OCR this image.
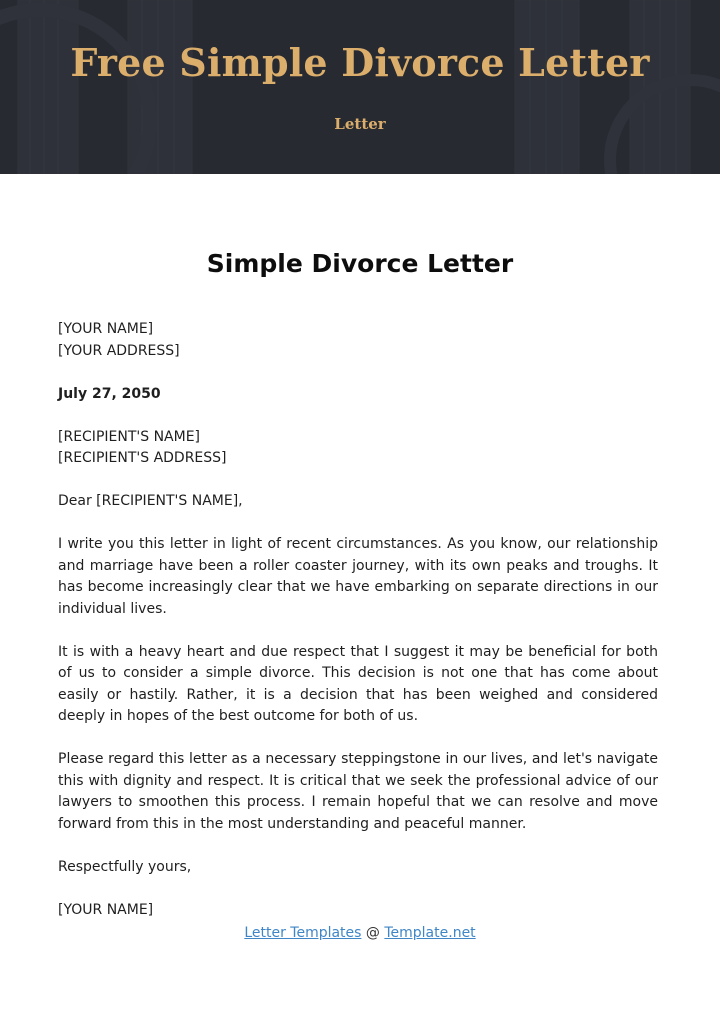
Free Simple Divorce Letter
Letter
Simple Divorce Letter

[YOUR NAME]

[YOUR ADDRESS]

July 27, 2050

[RECIPIENT'S NAME]

[RECIPIENT'S ADDRESS]

Dear [RECIPIENT'S NAME],

I write you this letter in light of recent circumstances. As you know, our relationship and marriage have been a roller coaster journey, with its own peaks and troughs. It has become increasingly clear that we have embarking on separate directions in our individual lives.

It is with a heavy heart and due respect that I suggest it may be beneficial for both of us to consider a simple divorce. This decision is not one that has come about easily or hastily. Rather, it is a decision that has been weighed and considered deeply in hopes of the best outcome for both of us.

Please regard this letter as a necessary steppingstone in our lives, and let's navigate this with dignity and respect. It is critical that we seek the professional advice of our lawyers to smoothen this process. I remain hopeful that we can resolve and move forward from this in the most understanding and peaceful manner.

Respectfully yours,

[YOUR NAME]

Letter Templates @ Template.net
